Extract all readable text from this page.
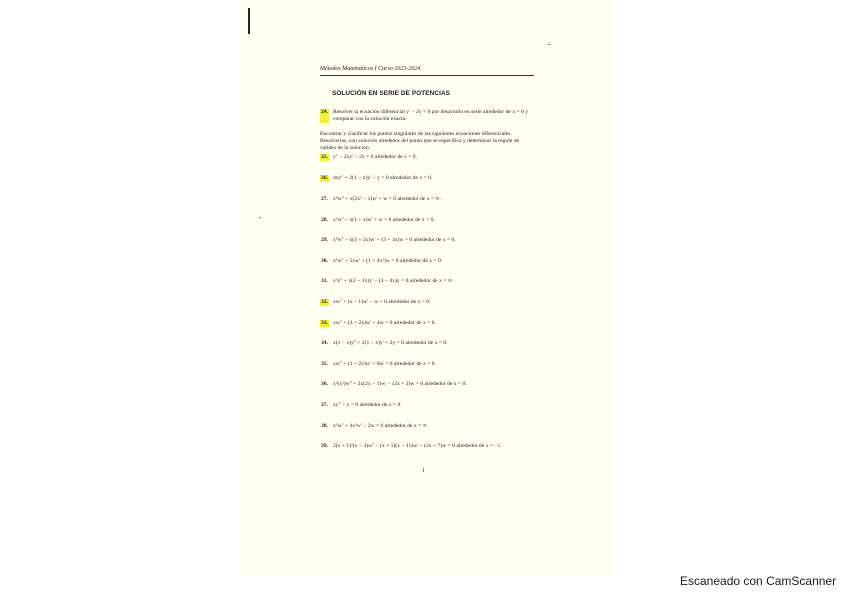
Métodos Matemáticos I Curso 2023-2024
SOLUCIÓN EN SERIE DE POTENCIAS
24. Resolver la ecuación diferencial y' − 2y = 0 por desarrollo en serie alrededor de x = 0 y comparar con la solución exacta.
Encontrar y clasificar los puntos singulares de las siguientes ecuaciones diferenciales. Resolverlas, con solución alrededor del punto que se especifica y determinar la región de validez de la solución.
25. y'' − 2xy' − 2y = 0 alrededor de x = 0.
26. 4xy'' + 2(1 − x)y' − y = 0 alrededor de x = 0.
27. x⁴w'' + x(2x² − 1)w' + w = 0 alrededor de x = ∞.
28. x²w'' − x(1 + x)w' + w = 0 alrededor de x = 0.
29. x²w'' − x(3 + 2x)w' + (3 + 3x)w = 0 alrededor de x = 0.
30. x²w'' + 5xw' + (1 + 4x²)w = 0 alrededor de x = 0.
31. x²y'' + x(2 − 3x)y' − (3 − 4x)y = 0 alrededor de x = ∞.
32. xw'' + (x − 1)w' − w = 0 alrededor de x = 0.
33. xw'' + (3 + 2x)w' + 4w = 0 alrededor de x = 0.
34. x(1 − x)y'' + 2(1 − x)y' + 2y = 0 alrededor de x = 0.
35. xw'' + (3 + 2x)w' + 8w = 0 alrededor de x = 0.
36. x²(x²)w'' + 2x(2x − 1)w' − (2x + 2)w = 0 alrededor de x = 0.
37. xy'' − y = 0 alrededor de x = 0.
38. x²w'' + 4x²w' − 2w = 0 alrededor de x = ∞.
39. 2(x + 1)²(x − 3)w'' − (x + 1)(x − 11)w' − (3x + 7)w = 0 alrededor de x = −1.
1
Escaneado con CamScanner
